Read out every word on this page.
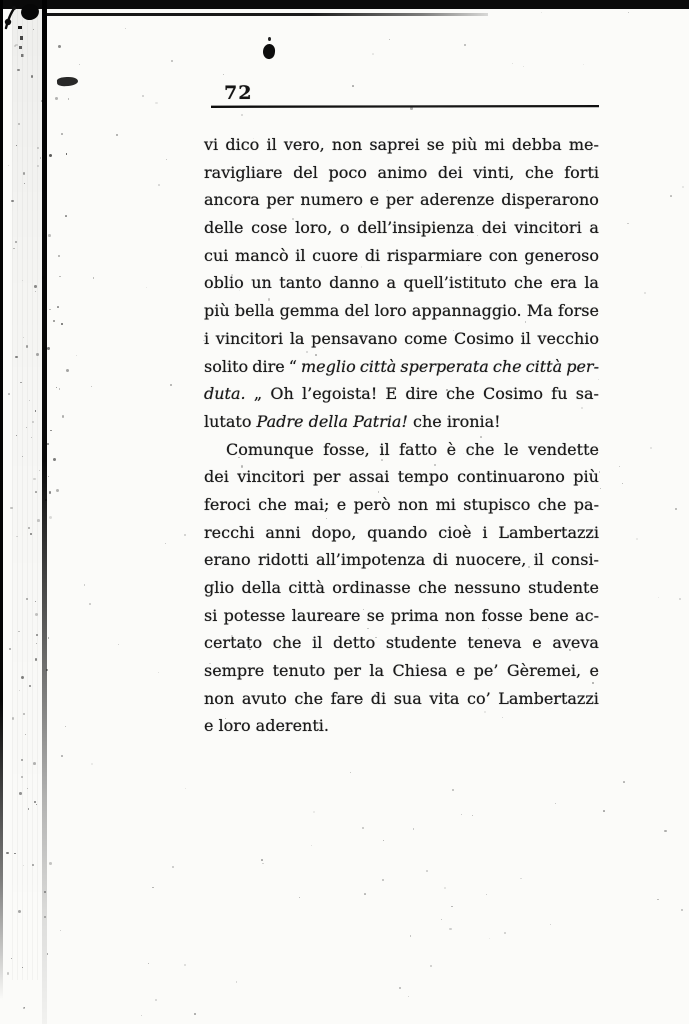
72
vi dico il vero, non saprei se più mi debba me-
ravigliare del poco animo dei vinti, che forti
ancora per numero e per aderenze disperarono
delle cose loro, o dell’insipienza dei vincitori a
cui mancò il cuore di risparmiare con generoso
oblio un tanto danno a quell’istituto che era la
più bella gemma del loro appannaggio. Ma forse
i vincitori la pensavano come Cosimo il vecchio
solito dire “ meglio città sperperata che città per-
duta. „ Oh l’egoista! E dire che Cosimo fu sa-
lutato Padre della Patria! che ironia!
Comunque fosse, il fatto è che le vendette
dei vincitori per assai tempo continuarono più
feroci che mai; e però non mi stupisco che pa-
recchi anni dopo, quando cioè i Lambertazzi
erano ridotti all’impotenza di nuocere, il consi-
glio della città ordinasse che nessuno studente
si potesse laureare se prima non fosse bene ac-
certato che il detto studente teneva e aveva
sempre tenuto per la Chiesa e pe’ Gèremei, e
non avuto che fare di sua vita co’ Lambertazzi
e loro aderenti.
